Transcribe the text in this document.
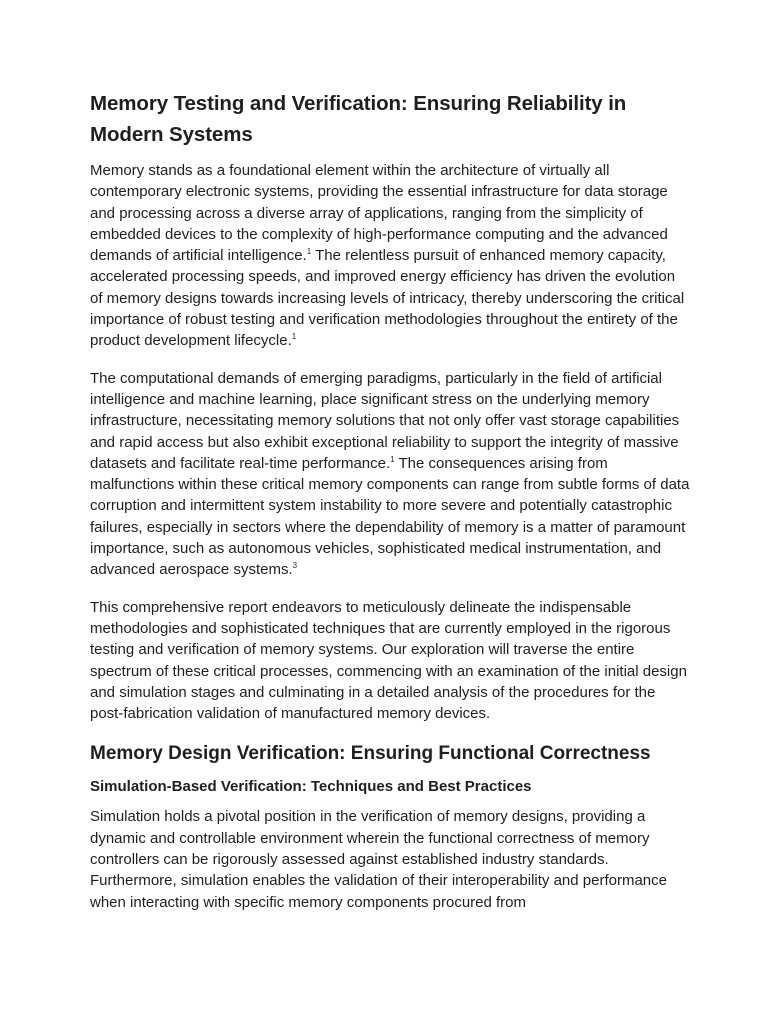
Memory Testing and Verification: Ensuring Reliability in Modern Systems

Memory stands as a foundational element within the architecture of virtually all contemporary electronic systems, providing the essential infrastructure for data storage and processing across a diverse array of applications, ranging from the simplicity of embedded devices to the complexity of high-performance computing and the advanced demands of artificial intelligence.$^1$ The relentless pursuit of enhanced memory capacity, accelerated processing speeds, and improved energy efficiency has driven the evolution of memory designs towards increasing levels of intricacy, thereby underscoring the critical importance of robust testing and verification methodologies throughout the entirety of the product development lifecycle.$^1$

The computational demands of emerging paradigms, particularly in the field of artificial intelligence and machine learning, place significant stress on the underlying memory infrastructure, necessitating memory solutions that not only offer vast storage capabilities and rapid access but also exhibit exceptional reliability to support the integrity of massive datasets and facilitate real-time performance.$^1$ The consequences arising from malfunctions within these critical memory components can range from subtle forms of data corruption and intermittent system instability to more severe and potentially catastrophic failures, especially in sectors where the dependability of memory is a matter of paramount importance, such as autonomous vehicles, sophisticated medical instrumentation, and advanced aerospace systems.$^3$

This comprehensive report endeavors to meticulously delineate the indispensable methodologies and sophisticated techniques that are currently employed in the rigorous testing and verification of memory systems. Our exploration will traverse the entire spectrum of these critical processes, commencing with an examination of the initial design and simulation stages and culminating in a detailed analysis of the procedures for the post-fabrication validation of manufactured memory devices.

Memory Design Verification: Ensuring Functional Correctness
Simulation-Based Verification: Techniques and Best Practices

Simulation holds a pivotal position in the verification of memory designs, providing a dynamic and controllable environment wherein the functional correctness of memory controllers can be rigorously assessed against established industry standards. Furthermore, simulation enables the validation of their interoperability and performance when interacting with specific memory components procured from
